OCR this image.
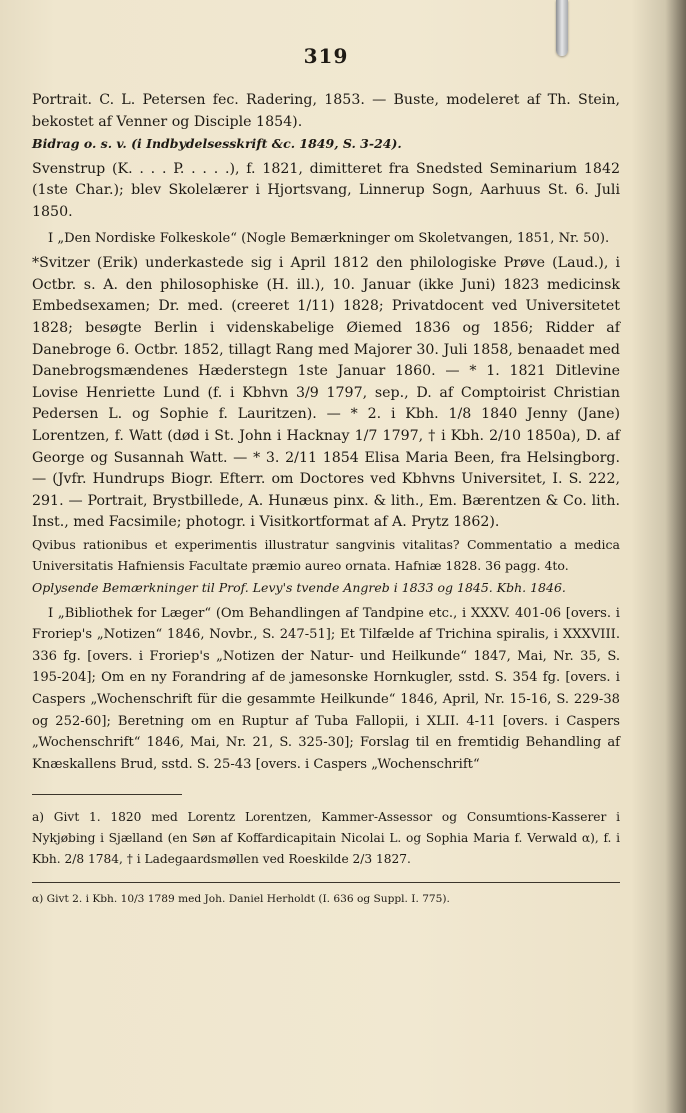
319

Portrait. C. L. Petersen fec. Radering, 1853. — Buste, modeleret af Th. Stein, bekostet af Venner og Disciple 1854).

Bidrag o. s. v. (i Indbydelsesskrift &c. 1849, S. 3-24).

Svenstrup (K. . . . P. . . . .), f. 1821, dimitteret fra Snedsted Seminarium 1842 (1ste Char.); blev Skolelærer i Hjortsvang, Linnerup Sogn, Aarhuus St. 6. Juli 1850.

I „Den Nordiske Folkeskole“ (Nogle Bemærkninger om Skoletvangen, 1851, Nr. 50).

*Svitzer (Erik) underkastede sig i April 1812 den philologiske Prøve (Laud.), i Octbr. s. A. den philosophiske (H. ill.), 10. Januar (ikke Juni) 1823 medicinsk Embedsexamen; Dr. med. (creeret 1/11) 1828; Privatdocent ved Universitetet 1828; besøgte Berlin i videnskabelige Øiemed 1836 og 1856; Ridder af Danebroge 6. Octbr. 1852, tillagt Rang med Majorer 30. Juli 1858, benaadet med Danebrogsmændenes Hæderstegn 1ste Januar 1860. — * 1. 1821 Ditlevine Lovise Henriette Lund (f. i Kbhvn 3/9 1797, sep., D. af Comptoirist Christian Pedersen L. og Sophie f. Lauritzen). — * 2. i Kbh. 1/8 1840 Jenny (Jane) Lorentzen, f. Watt (død i St. John i Hacknay 1/7 1797, † i Kbh. 2/10 1850a), D. af George og Susannah Watt. — * 3. 2/11 1854 Elisa Maria Been, fra Helsingborg. — (Jvfr. Hundrups Biogr. Efterr. om Doctores ved Kbhvns Universitet, I. S. 222, 291. — Portrait, Brystbillede, A. Hunæus pinx. & lith., Em. Bærentzen & Co. lith. Inst., med Facsimile; photogr. i Visitkortformat af A. Prytz 1862).

Qvibus rationibus et experimentis illustratur sangvinis vitalitas? Commentatio a medica Universitatis Hafniensis Facultate præmio aureo ornata. Hafniæ 1828. 36 pagg. 4to.

Oplysende Bemærkninger til Prof. Levy's tvende Angreb i 1833 og 1845. Kbh. 1846.

I „Bibliothek for Læger“ (Om Behandlingen af Tandpine etc., i XXXV. 401-06 [overs. i Froriep's „Notizen“ 1846, Novbr., S. 247-51]; Et Tilfælde af Trichina spiralis, i XXXVIII. 336 fg. [overs. i Froriep's „Notizen der Natur- und Heilkunde“ 1847, Mai, Nr. 35, S. 195-204]; Om en ny Forandring af de jamesonske Hornkugler, sstd. S. 354 fg. [overs. i Caspers „Wochenschrift für die gesammte Heilkunde“ 1846, April, Nr. 15-16, S. 229-38 og 252-60]; Beretning om en Ruptur af Tuba Fallopii, i XLII. 4-11 [overs. i Caspers „Wochenschrift“ 1846, Mai, Nr. 21, S. 325-30]; Forslag til en fremtidig Behandling af Knæskallens Brud, sstd. S. 25-43 [overs. i Caspers „Wochenschrift“

a) Givt 1. 1820 med Lorentz Lorentzen, Kammer-Assessor og Consumtions-Kasserer i Nykjøbing i Sjælland (en Søn af Koffardicapitain Nicolai L. og Sophia Maria f. Verwald α), f. i Kbh. 2/8 1784, † i Ladegaardsmøllen ved Roeskilde 2/3 1827.

α) Givt 2. i Kbh. 10/3 1789 med Joh. Daniel Herholdt (I. 636 og Suppl. I. 775).
